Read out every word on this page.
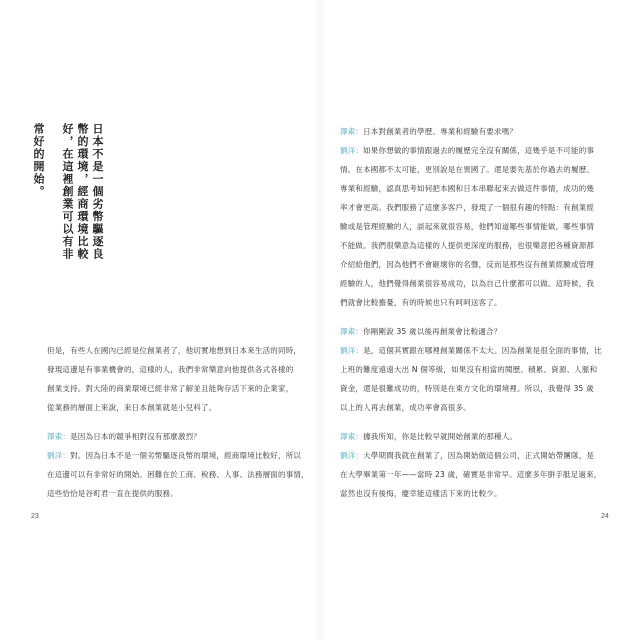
日本不是一個劣幣驅逐良
幣的環境，經商環境比較
好，在這裡創業可以有非
常好的開始。
但是，有些人在國內已經是位創業者了，他切實地想到日本來生活的同時，
發現這邊是有事業機會的，這樣的人，我們非常樂意向他提供各式各樣的
創業支持。對大陸的商業環境已經非常了解並且能夠存活下來的企業家，
從業務的層面上來說，來日本創業就是小兒科了。
澤索：是因為日本的競爭相對沒有那麼激烈？
劉洋：對。因為日本不是一個劣幣驅逐良幣的環境，經商環境比較好，所以
在這邊可以有非常好的開始。困難在於工商、稅務、人事、法務層面的事情，
這些恰恰是谷町君一直在提供的服務。
23
澤索：日本對創業者的學歷、專業和經驗有要求嗎？
劉洋：如果你想做的事情跟過去的履歷完全沒有關係，這幾乎是不可能的事
情。在本國都不太可能，更別說是在異國了。還是要先基於你過去的履歷、
專業和經驗，認真思考如何把本國和日本串聯起來去做這件事情，成功的幾
率才會更高。我們服務了這麼多客戶，發現了一個很有趣的特點：有創業經
驗或是管理經驗的人，談起來就很容易，他們知道哪些事情能做，哪些事情
不能做。我們很樂意為這樣的人提供更深度的服務，也很樂意把各種資源都
介紹給他們，因為他們不會砸壞你的名聲，反而是那些沒有創業經驗或管理
經驗的人，他們覺得創業很容易成功，以為自己什麼都可以做。這時候，我
們就會比較擔憂，有的時候也只有呵呵送客了。
澤索：你剛剛說 35 歲以後再創業會比較適合？
劉洋：是，這個其實跟在哪裡創業關係不太大。因為創業是很全面的事情，比
上班的難度遠遠大出 N 個等級，如果沒有相當的閱歷、積累、資源、人脈和
資金，還是很難成功的，特別是在東方文化的環境裡。所以，我覺得 35 歲
以上的人再去創業，成功率會高很多。
澤索：據我所知，你是比較早就開始創業的那種人。
劉洋：大學期間我就在創業了，因為開始做這個公司，正式開始帶團隊，是
在大學畢業第一年——當時 23 歲，確實是非常早。這麼多年胼手胝足過來，
當然也沒有後悔，慶幸能這樣活下來的比較少。
24
